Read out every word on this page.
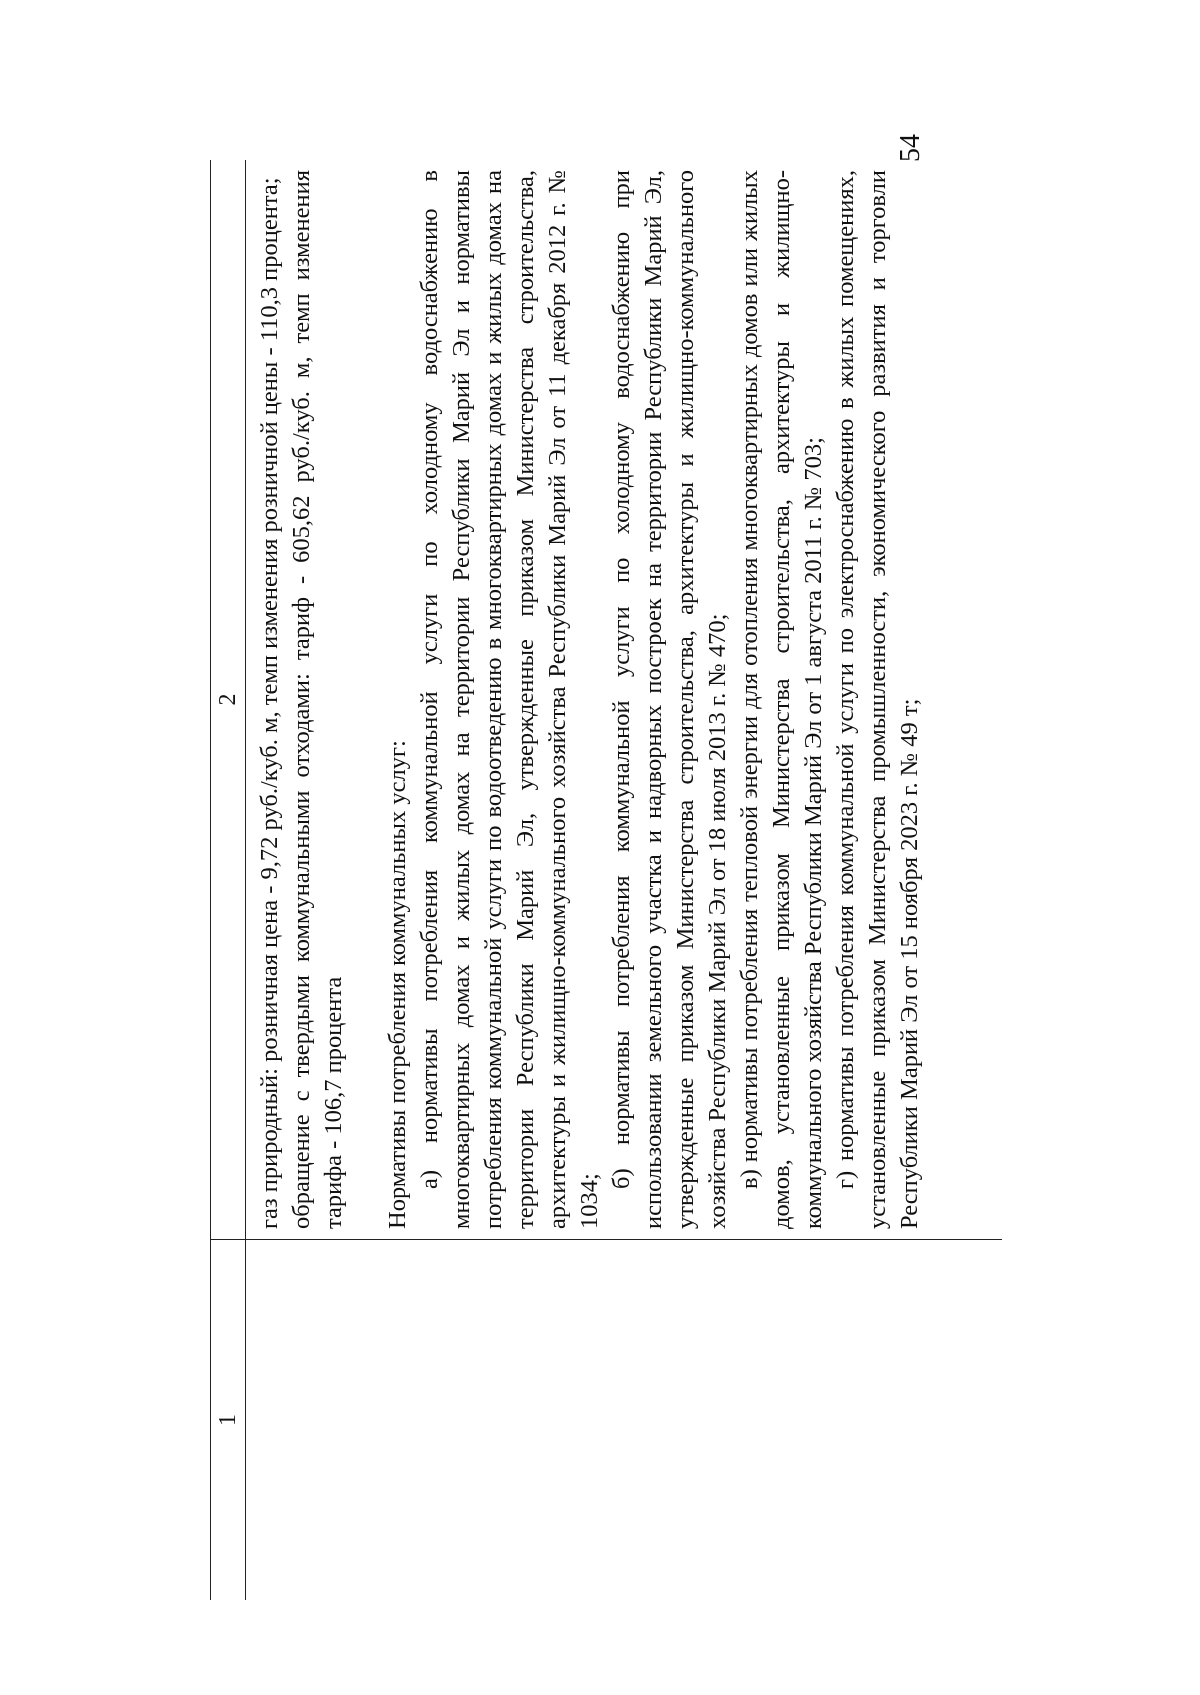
54
1
2 газ природный: розничная цена - 9,72 руб./куб. м, темп изменения розничной цены - 110,3 процента; обращение с твердыми коммунальными отходами: тариф - 605,62 руб./куб. м, темп изменения тарифа - 106,7 процента Нормативы потребления коммунальных услуг: а) нормативы потребления коммунальной услуги по холодному водоснабжению в многоквартирных домах и жилых домах на территории Республики Марий Эл и нормативы потребления коммунальной услуги по водоотведению в многоквартирных домах и жилых домах на территории Республики Марий Эл, утвержденные приказом Министерства строительства, архитектуры и жилищно-коммунального хозяйства Республики Марий Эл от 11 декабря 2012 г. № 1034;

б) нормативы потребления коммунальной услуги по холодному водоснабжению при использовании земельного участка и надворных построек на территории Республики Марий Эл, утвержденные приказом Министерства строительства, архитектуры и жилищно-коммунального хозяйства Республики Марий Эл от 18 июля 2013 г. № 470; в) нормативы потребления тепловой энергии для отопления многоквартирных домов или жилых домов, установленные приказом Министерства строительства, архитектуры и жилищно-коммунального хозяйства Республики Марий Эл от 1 августа 2011 г. № 703; г) нормативы потребления коммунальной услуги по электроснабжению в жилых помещениях, установленные приказом Министерства промышленности, экономического развития и торговли Республики Марий Эл от 15 ноября 2023 г. № 49 т;
